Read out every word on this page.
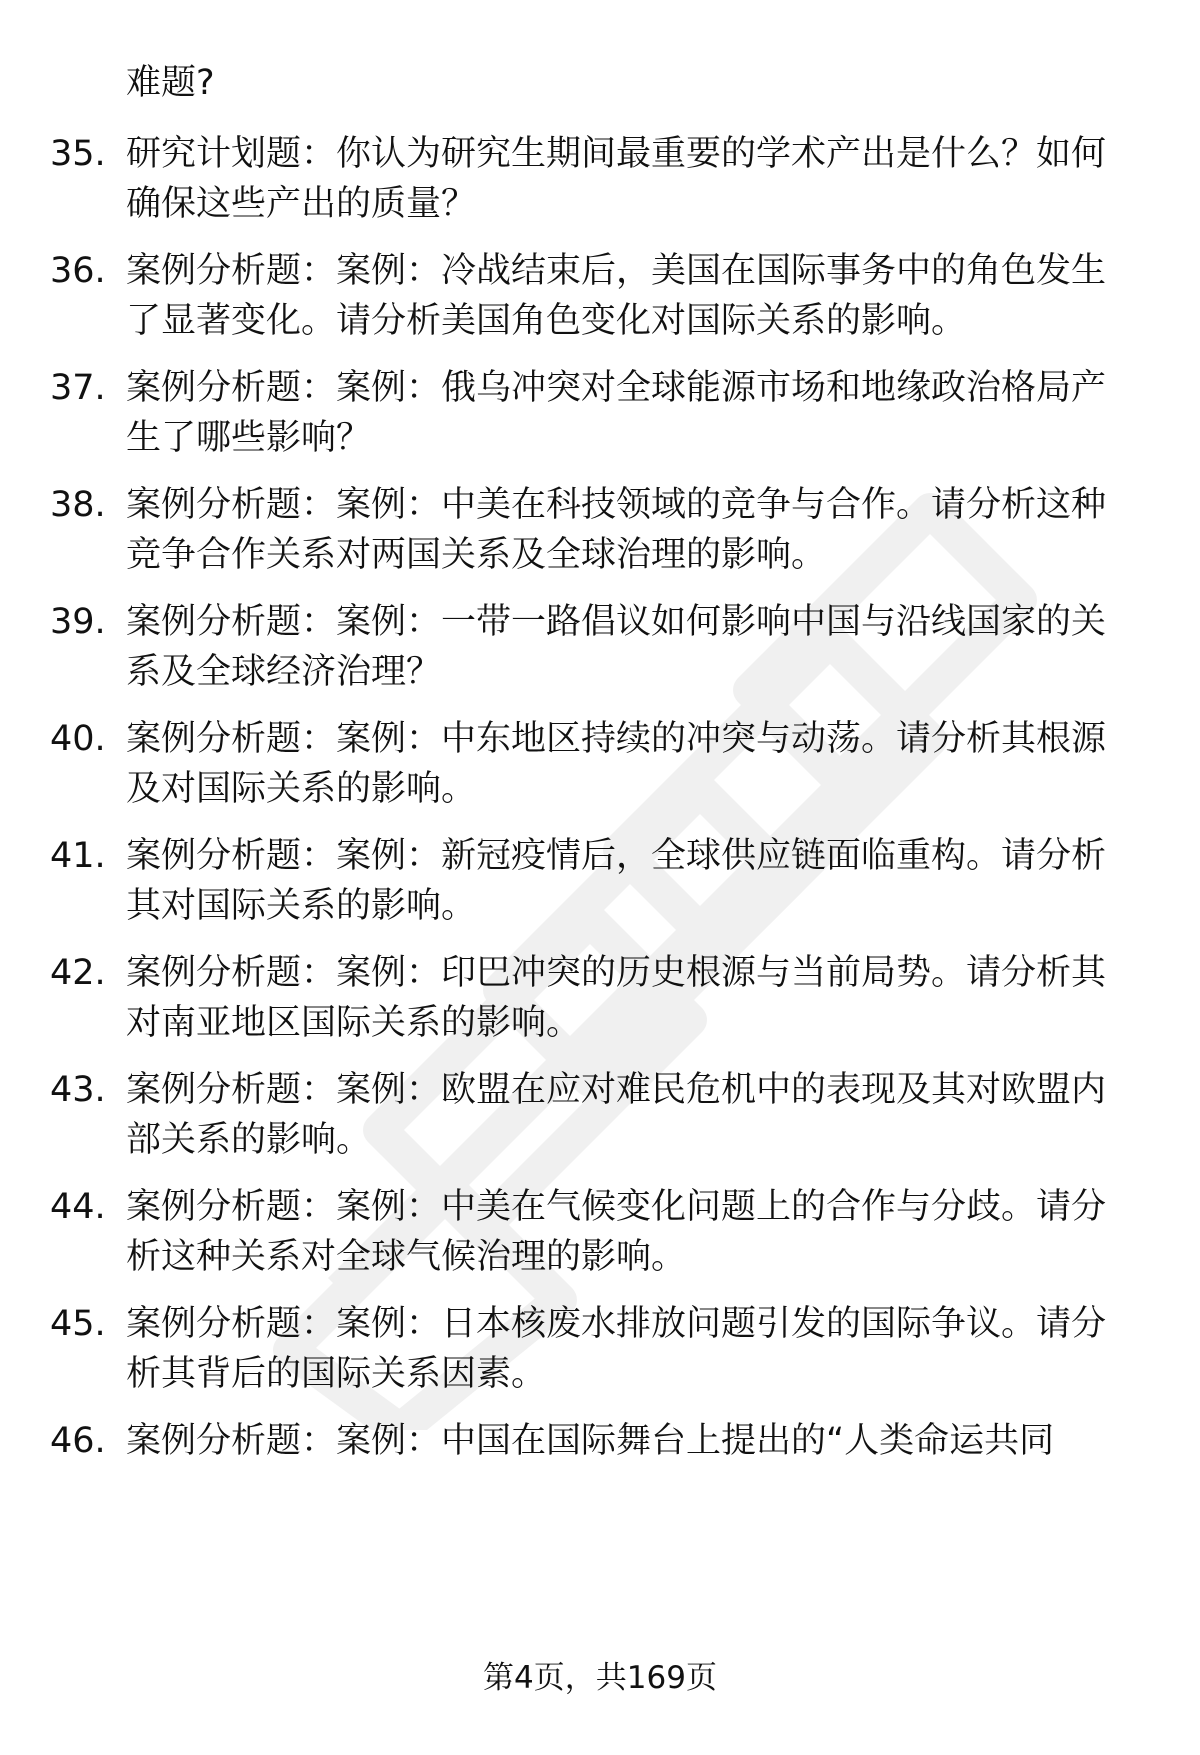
难题?
35. 研究计划题：你认为研究生期间最重要的学术产出是什么？如何
确保这些产出的质量？
36. 案例分析题：案例：冷战结束后，美国在国际事务中的角色发生
了显著变化。请分析美国角色变化对国际关系的影响。
37. 案例分析题：案例：俄乌冲突对全球能源市场和地缘政治格局产
生了哪些影响？
38. 案例分析题：案例：中美在科技领域的竞争与合作。请分析这种
竞争合作关系对两国关系及全球治理的影响。
39. 案例分析题：案例：一带一路倡议如何影响中国与沿线国家的关
系及全球经济治理？
40. 案例分析题：案例：中东地区持续的冲突与动荡。请分析其根源
及对国际关系的影响。
41. 案例分析题：案例：新冠疫情后，全球供应链面临重构。请分析
其对国际关系的影响。
42. 案例分析题：案例：印巴冲突的历史根源与当前局势。请分析其
对南亚地区国际关系的影响。
43. 案例分析题：案例：欧盟在应对难民危机中的表现及其对欧盟内
部关系的影响。
44. 案例分析题：案例：中美在气候变化问题上的合作与分歧。请分
析这种关系对全球气候治理的影响。
45. 案例分析题：案例：日本核废水排放问题引发的国际争议。请分
析其背后的国际关系因素。
46. 案例分析题：案例：中国在国际舞台上提出的“人类命运共同
第4页，共169页
